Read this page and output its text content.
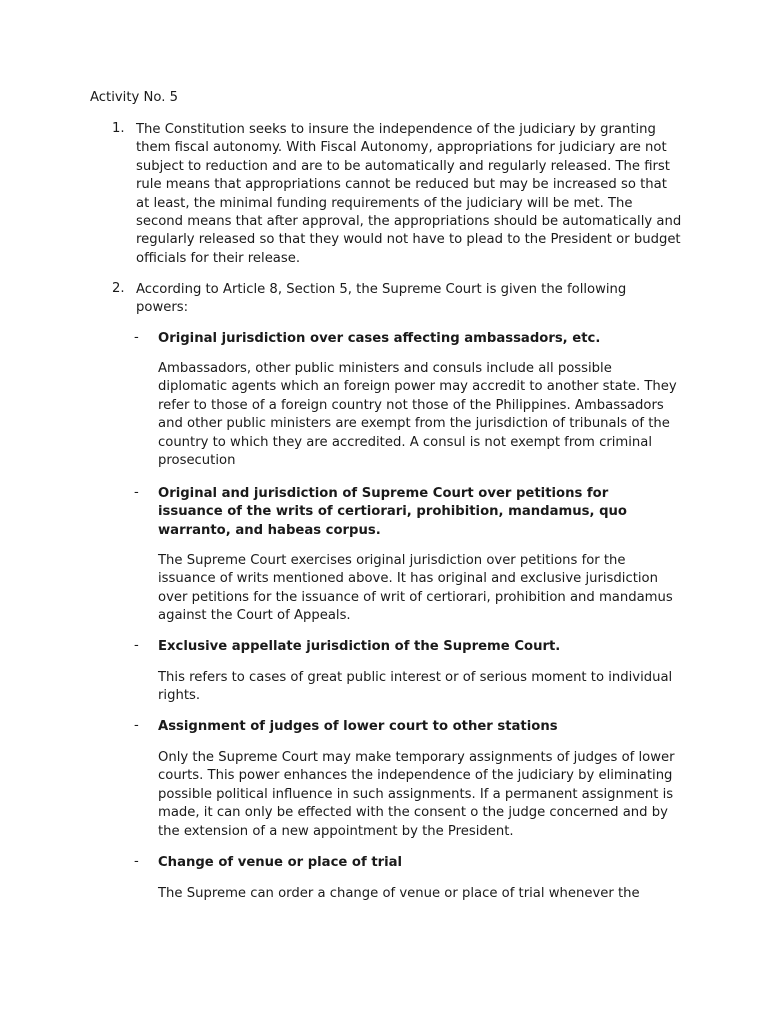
Activity No. 5
1. The Constitution seeks to insure the independence of the judiciary by granting them fiscal autonomy. With Fiscal Autonomy, appropriations for judiciary are not subject to reduction and are to be automatically and regularly released. The first rule means that appropriations cannot be reduced but may be increased so that at least, the minimal funding requirements of the judiciary will be met. The second means that after approval, the appropriations should be automatically and regularly released so that they would not have to plead to the President or budget officials for their release.
2. According to Article 8, Section 5, the Supreme Court is given the following powers:
- Original jurisdiction over cases affecting ambassadors, etc.
Ambassadors, other public ministers and consuls include all possible diplomatic agents which an foreign power may accredit to another state. They refer to those of a foreign country not those of the Philippines. Ambassadors and other public ministers are exempt from the jurisdiction of tribunals of the country to which they are accredited. A consul is not exempt from criminal prosecution
- Original and jurisdiction of Supreme Court over petitions for issuance of the writs of certiorari, prohibition, mandamus, quo warranto, and habeas corpus.
The Supreme Court exercises original jurisdiction over petitions for the issuance of writs mentioned above. It has original and exclusive jurisdiction over petitions for the issuance of writ of certiorari, prohibition and mandamus against the Court of Appeals.
- Exclusive appellate jurisdiction of the Supreme Court.
This refers to cases of great public interest or of serious moment to individual rights.
- Assignment of judges of lower court to other stations
Only the Supreme Court may make temporary assignments of judges of lower courts. This power enhances the independence of the judiciary by eliminating possible political influence in such assignments. If a permanent assignment is made, it can only be effected with the consent o the judge concerned and by the extension of a new appointment by the President.
- Change of venue or place of trial
The Supreme can order a change of venue or place of trial whenever the
